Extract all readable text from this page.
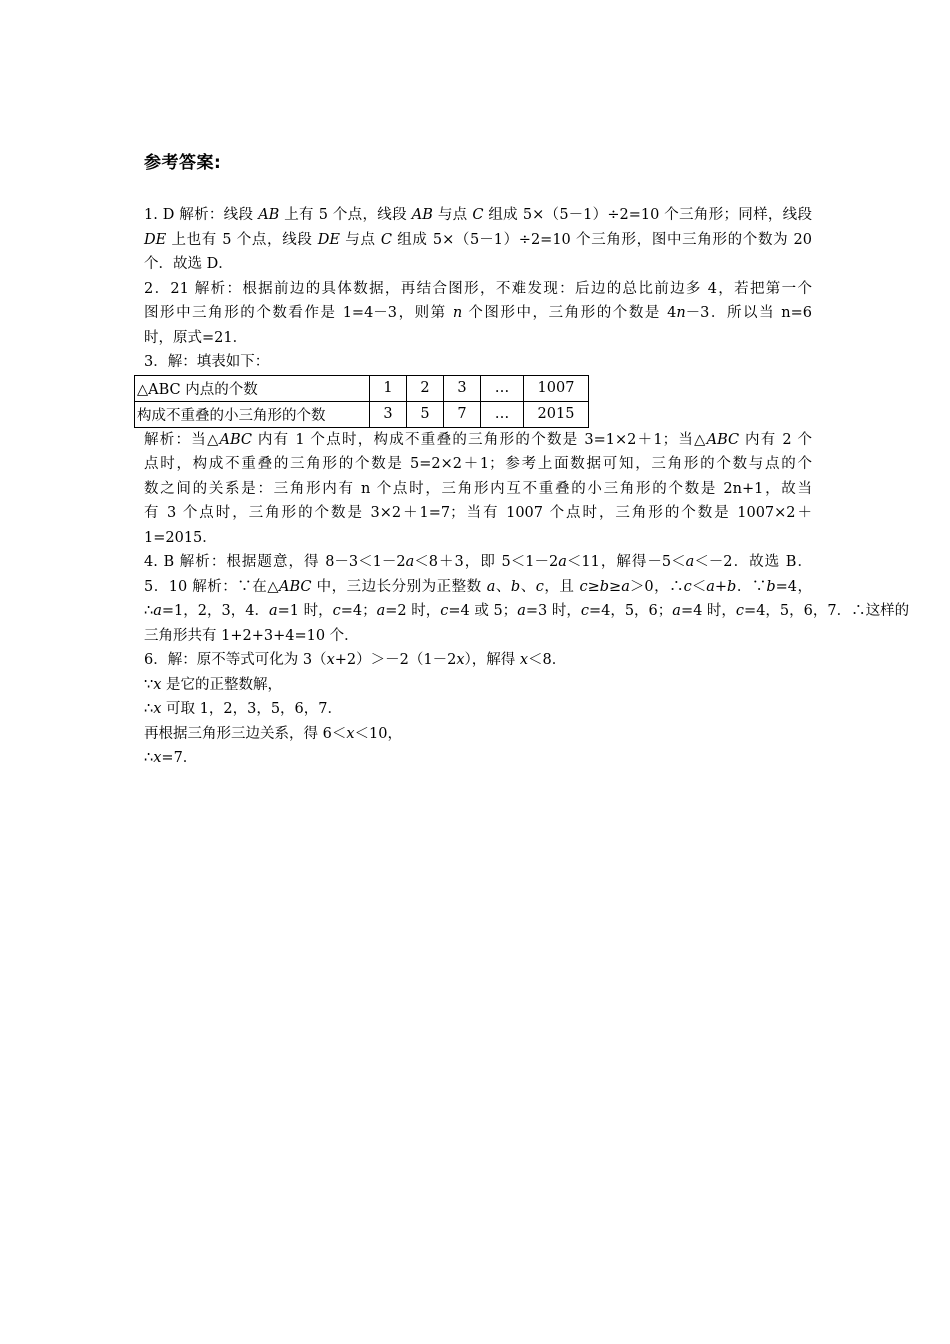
参考答案:
1. D 解析：线段 AB 上有 5 个点，线段 AB 与点 C 组成 5×（5－1）÷2=10 个三角形；同样，线段
DE 上也有 5 个点，线段 DE 与点 C 组成 5×（5－1）÷2=10 个三角形，图中三角形的个数为 20
个．故选 D．
2．21 解析：根据前边的具体数据，再结合图形，不难发现：后边的总比前边多 4，若把第一个
图形中三角形的个数看作是 1=4－3，则第 n 个图形中，三角形的个数是 4n－3．所以当 n=6
时，原式=21．
3．解：填表如下：
△ABC 内点的个数	1	2	3	…	1007
构成不重叠的小三角形的个数	3	5	7	…	2015
解析：当△ABC 内有 1 个点时，构成不重叠的三角形的个数是 3=1×2＋1；当△ABC 内有 2 个
点时，构成不重叠的三角形的个数是 5=2×2＋1；参考上面数据可知，三角形的个数与点的个
数之间的关系是：三角形内有 n 个点时，三角形内互不重叠的小三角形的个数是 2n+1，故当
有 3 个点时，三角形的个数是 3×2＋1=7；当有 1007 个点时，三角形的个数是 1007×2＋
1=2015．
4. B 解析：根据题意，得 8－3＜1－2a＜8＋3，即 5＜1－2a＜11，解得－5＜a＜－2．故选 B．
5．10 解析：∵在△ABC 中，三边长分别为正整数 a、b、c，且 c≥b≥a＞0，∴c＜a+b．∵b=4，
∴a=1，2，3，4．a=1 时，c=4；a=2 时，c=4 或 5；a=3 时，c=4，5，6；a=4 时，c=4，5，6，7．∴这样的
三角形共有 1+2+3+4=10 个．
6．解：原不等式可化为 3（x+2）＞－2（1－2x），解得 x＜8．
∵x 是它的正整数解，
∴x 可取 1，2，3，5，6，7．
再根据三角形三边关系，得 6＜x＜10，
∴x=7．
